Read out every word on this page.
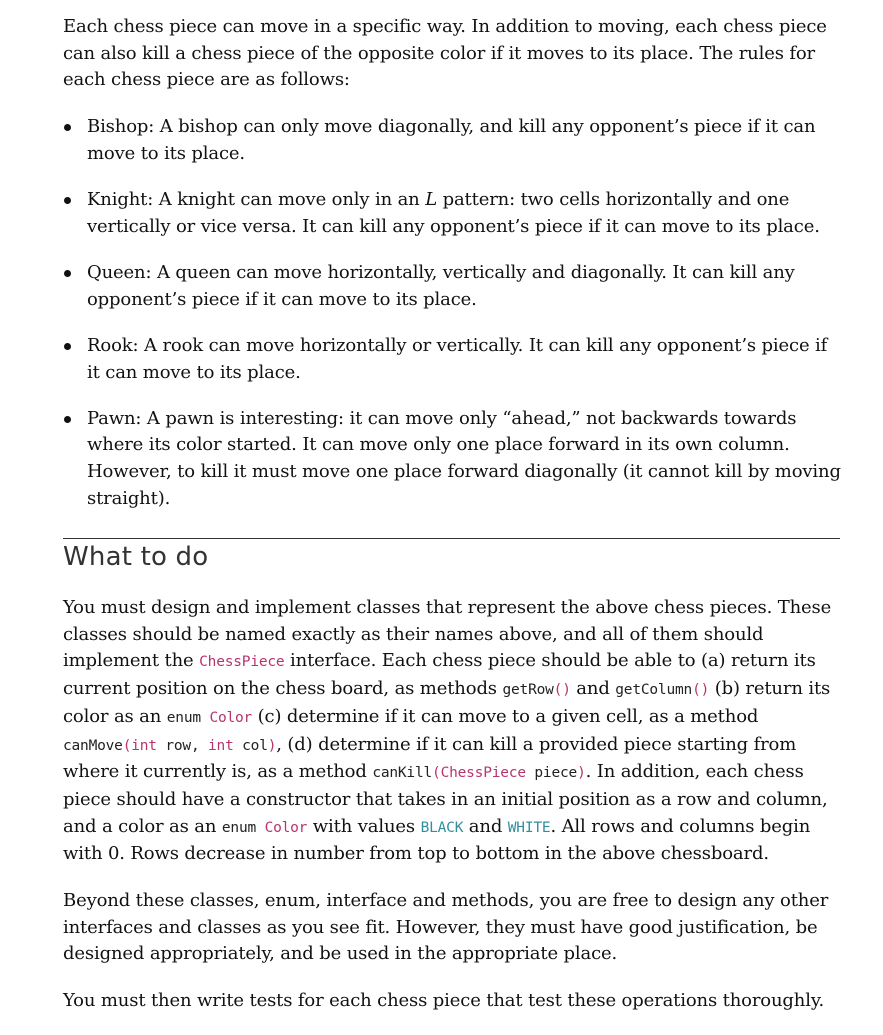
Each chess piece can move in a specific way. In addition to moving, each chess piece can also kill a chess piece of the opposite color if it moves to its place. The rules for each chess piece are as follows:

Bishop: A bishop can only move diagonally, and kill any opponent’s piece if it can move to its place.
Knight: A knight can move only in an L pattern: two cells horizontally and one vertically or vice versa. It can kill any opponent’s piece if it can move to its place.
Queen: A queen can move horizontally, vertically and diagonally. It can kill any opponent’s piece if it can move to its place.
Rook: A rook can move horizontally or vertically. It can kill any opponent’s piece if it can move to its place.
Pawn: A pawn is interesting: it can move only “ahead,” not backwards towards where its color started. It can move only one place forward in its own column. However, to kill it must move one place forward diagonally (it cannot kill by moving straight).
What to do

You must design and implement classes that represent the above chess pieces. These classes should be named exactly as their names above, and all of them should implement the ChessPiece interface. Each chess piece should be able to (a) return its current position on the chess board, as methods getRow() and getColumn() (b) return its color as an enum Color (c) determine if it can move to a given cell, as a method canMove(int row, int col), (d) determine if it can kill a provided piece starting from where it currently is, as a method canKill(ChessPiece piece). In addition, each chess piece should have a constructor that takes in an initial position as a row and column, and a color as an enum Color with values BLACK and WHITE. All rows and columns begin with 0. Rows decrease in number from top to bottom in the above chessboard.

Beyond these classes, enum, interface and methods, you are free to design any other interfaces and classes as you see fit. However, they must have good justification, be designed appropriately, and be used in the appropriate place.

You must then write tests for each chess piece that test these operations thoroughly.
